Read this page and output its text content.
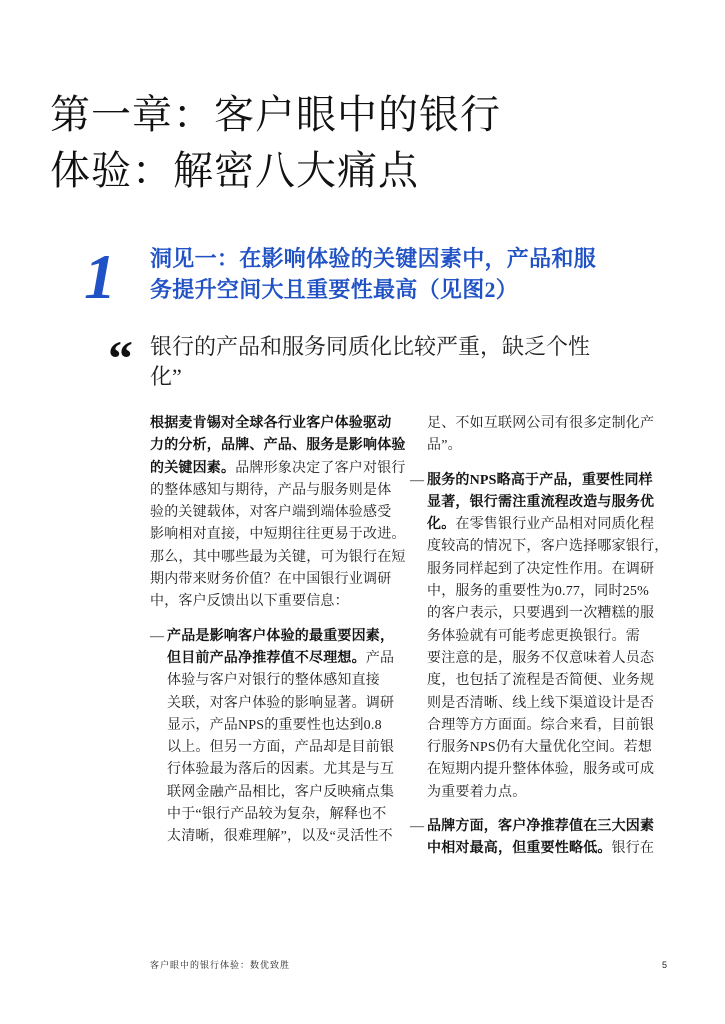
第一章：客户眼中的银行
体验：解密八大痛点
1 洞见一：在影响体验的关键因素中，产品和服
务提升空间大且重要性最高（见图2）
“ 银行的产品和服务同质化比较严重，缺乏个性
化”
根据麦肯锡对全球各行业客户体验驱动
力的分析，品牌、产品、服务是影响体验
的关键因素。品牌形象决定了客户对银行
的整体感知与期待，产品与服务则是体
验的关键载体，对客户端到端体验感受
影响相对直接，中短期往往更易于改进。
那么，其中哪些最为关键，可为银行在短
期内带来财务价值？在中国银行业调研
中，客户反馈出以下重要信息：
— 产品是影响客户体验的最重要因素，
但目前产品净推荐值不尽理想。产品
体验与客户对银行的整体感知直接
关联，对客户体验的影响显著。调研
显示，产品NPS的重要性也达到0.8
以上。但另一方面，产品却是目前银
行体验最为落后的因素。尤其是与互
联网金融产品相比，客户反映痛点集
中于“银行产品较为复杂，解释也不
太清晰，很难理解”，以及“灵活性不
足、不如互联网公司有很多定制化产
品”。
— 服务的NPS略高于产品，重要性同样
显著，银行需注重流程改造与服务优
化。在零售银行业产品相对同质化程
度较高的情况下，客户选择哪家银行，
服务同样起到了决定性作用。在调研
中，服务的重要性为0.77，同时25%
的客户表示，只要遇到一次糟糕的服
务体验就有可能考虑更换银行。需
要注意的是，服务不仅意味着人员态
度，也包括了流程是否简便、业务规
则是否清晰、线上线下渠道设计是否
合理等方方面面。综合来看，目前银
行服务NPS仍有大量优化空间。若想
在短期内提升整体体验，服务或可成
为重要着力点。
— 品牌方面，客户净推荐值在三大因素
中相对最高，但重要性略低。银行在
客户眼中的银行体验：数优致胜	5
